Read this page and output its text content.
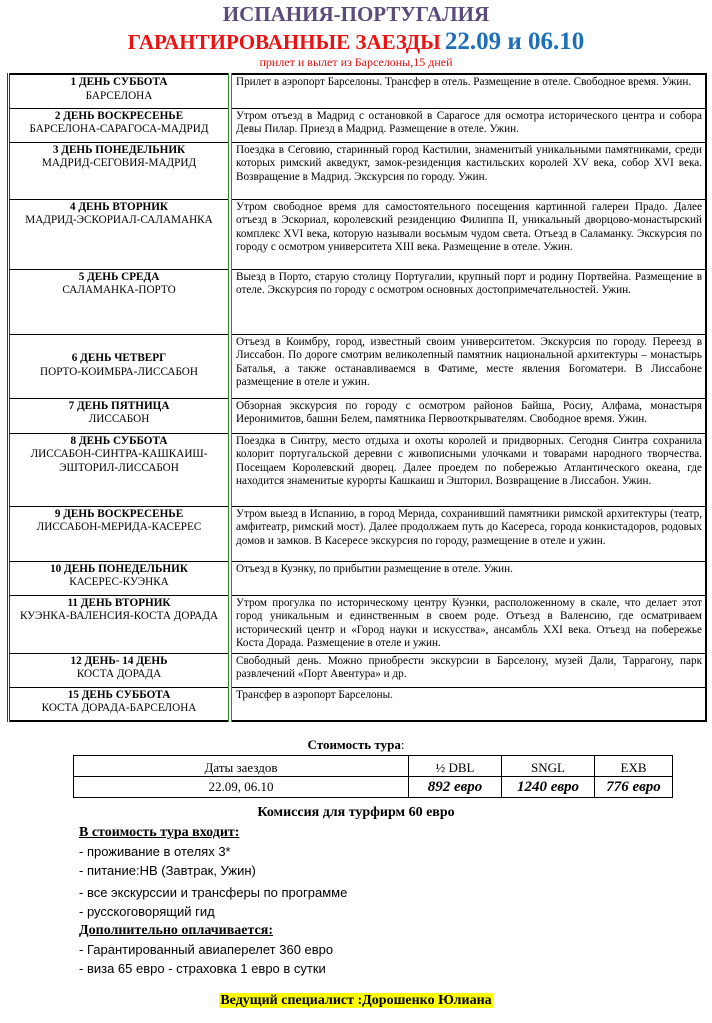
ИСПАНИЯ-ПОРТУГАЛИЯ
ГАРАНТИРОВАННЫЕ ЗАЕЗДЫ 22.09 и 06.10
прилет и вылет из Барселоны,15 дней
1 ДЕНЬ СУББОТА
БАРСЕЛОНА	Прилет в аэропорт Барселоны. Трансфер в отель. Размещение в отеле. Свободное время. Ужин.

2 ДЕНЬ ВОСКРЕСЕНЬЕ
БАРСЕЛОНА-САРАГОСА-МАДРИД	Утром отъезд в Мадрид с остановкой в Сарагосе для осмотра исторического центра и собора Девы Пилар. Приезд в Мадрид. Размещение в отеле. Ужин.

3 ДЕНЬ ПОНЕДЕЛЬНИК
МАДРИД-СЕГОВИЯ-МАДРИД	Поездка в Сеговию, старинный город Кастилии, знаменитый уникальными памятниками, среди которых римский акведукт, замок-резиденция кастильских королей XV века, собор XVI века. Возвращение в Мадрид. Экскурсия по городу. Ужин.

4 ДЕНЬ ВТОРНИК
МАДРИД-ЭСКОРИАЛ-САЛАМАНКА	Утром свободное время для самостоятельного посещения картинной галереи Прадо. Далее отъезд в Эскориал, королевский резиденцию Филиппа II, уникальный дворцово-монастырский комплекс XVI века, которую называли восьмым чудом света. Отъезд в Саламанку. Экскурсия по городу с осмотром университета XIII века. Размещение в отеле. Ужин.

5 ДЕНЬ СРЕДА
САЛАМАНКА-ПОРТО	Выезд в Порто, старую столицу Португалии, крупный порт и родину Портвейна. Размещение в отеле. Экскурсия по городу с осмотром основных достопримечательностей. Ужин.

6 ДЕНЬ ЧЕТВЕРГ
ПОРТО-КОИМБРА-ЛИССАБОН	Отъезд в Коимбру, город, известный своим университетом. Экскурсия по городу. Переезд в Лиссабон. По дороге смотрим великолепный памятник национальной архитектуры – монастырь Баталья, а также останавливаемся в Фатиме, месте явления Богоматери. В Лиссабоне размещение в отеле и ужин.

7 ДЕНЬ ПЯТНИЦА
ЛИССАБОН	Обзорная экскурсия по городу с осмотром районов Байша, Росиу, Алфама, монастыря Иеронимитов, башни Белем, памятника Первооткрывателям. Свободное время. Ужин.

8 ДЕНЬ СУББОТА
ЛИССАБОН-СИНТРА-КАШКАИШ-ЭШТОРИЛ-ЛИССАБОН	Поездка в Синтру, место отдыха и охоты королей и придворных. Сегодня Синтра сохранила колорит португальской деревни с живописными улочками и товарами народного творчества. Посещаем Королевский дворец. Далее проедем по побережью Атлантического океана, где находится знаменитые курорты Кашкаиш и Эшторил. Возвращение в Лиссабон. Ужин.

9 ДЕНЬ ВОСКРЕСЕНЬЕ
ЛИССАБОН-МЕРИДА-КАСЕРЕС	Утром выезд в Испанию, в город Мерида, сохранивший памятники римской архитектуры (театр, амфитеатр, римский мост). Далее продолжаем путь до Касереса, города конкистадоров, родовых домов и замков. В Касересе экскурсия по городу, размещение в отеле и ужин.

10 ДЕНЬ ПОНЕДЕЛЬНИК
КАСЕРЕС-КУЭНКА	Отъезд в Куэнку, по прибытии размещение в отеле. Ужин.

11 ДЕНЬ ВТОРНИК
КУЭНКА-ВАЛЕНСИЯ-КОСТА ДОРАДА	Утром прогулка по историческому центру Куэнки, расположенному в скале, что делает этот город уникальным и единственным в своем роде. Отъезд в Валенсию, где осматриваем исторический центр и «Город науки и искусства», ансамбль XXI века. Отъезд на побережье Коста Дорада. Размещение в отеле и ужин.

12 ДЕНЬ- 14 ДЕНЬ
КОСТА ДОРАДА	Свободный день. Можно приобрести экскурсии в Барселону, музей Дали, Таррагону, парк развлечений «Порт Авентура» и др.

15 ДЕНЬ СУББОТА
КОСТА ДОРАДА-БАРСЕЛОНА	Трансфер в аэропорт Барселоны.
Стоимость тура:
Даты заездов	½ DBL	SNGL	EXB
22.09, 06.10	892 евро	1240 евро	776 евро
Комиссия для турфирм 60 евро
В стоимость тура входит:
- проживание в отелях 3*
- питание:HB (Завтрак, Ужин)
- все экскурссии и трансферы по программе
- русскоговорящий гид
Дополнительно оплачивается:
- Гарантированный авиаперелет 360 евро
- виза 65 евро - страховка 1 евро в сутки
Ведущий специалист :Дорошенко Юлиана
